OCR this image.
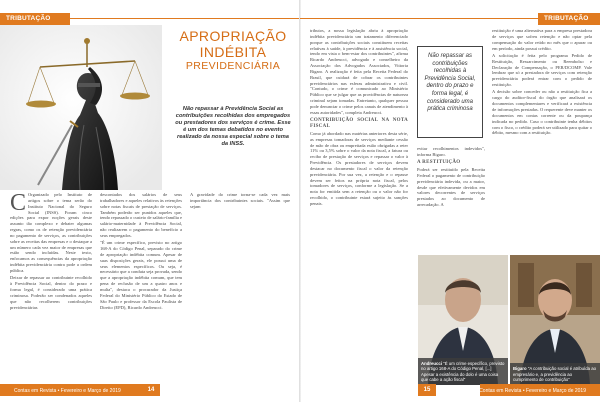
TRIBUTAÇÃO
APROPRIAÇÃO
INDÉBITA
PREVIDENCIÁRIA
Não repassar à Previdência Social as contribuições recolhidas dos empregados ou prestadores dos serviços é crime. Esse é um dos temas debatidos no evento realizado da nossa especial sobre o tema da INSS.

C Organizado pelo Instituto de artigos sobre o tema serão do Instituto Nacional do Seguro Social (INSS). Foram cinco edições para expor noções gerais deste assunto tão complexo e debater algumas regras, como os de retenção previdenciária no pagamento de serviços, as contribuições sobre as receitas das empresas e o destaque a um número cada vez maior de empresas que estão sendo incluídas. Neste texto, enfocamos as consequências da apropriação indébita previdenciária contra pode a ordem pública.

Deixar de repassar ao contribuinte recolhido à Previdência Social, dentro do prazo e forma legal, é considerado uma prática criminosa. Poderão ser condenados aqueles que não recolherem contribuições previdenciárias

descontados dos salários de seus trabalhadores e aqueles relativos às retenções sobre notas fiscais de prestação de serviços. Também poderão ser punidos aqueles que, tendo repassado o custeio de salário-família e salário-maternidade à Previdência Social, não realizarem o pagamento do benefício a seus empregados.

"É um crime específico, previsto no artigo 168-A do Código Penal, separado do crime de apropriação indébita comum. Apesar de suas disposições gerais, ele possui uma de seus elementos específicos. Ou seja, é necessário que a conduta seja provada, sendo que a apropriação indébita comum, que tem pena de reclusão de um a quatro anos e multa", destaca o procurador da Justiça Federal do Ministério Público do Estado de São Paulo e professor da Escola Paulista de Direito (EPD), Ricardo Andreucci.

A gravidade do crime torna-se cada vez mais importância dos contribuintes sociais. "Assim que sejam

Contas em Revista • Fevereiro e Março de 2019	14
TRIBUTAÇÃO

tributos, a nossa legislação abriu à apropriação indébita previdenciária um tratamento diferenciado porque as contribuições sociais constituem receitas relativas à saúde, à previdência e à assistência social, tendo em vista o bem-estar dos contribuintes", afirma Ricardo Andreucci, advogado e conselheiro da Associação dos Advogados Associados, Vittoria Bigaro. A realização é feita pela Receita Federal do Brasil, que cuidará de cobrar os contribuintes previdenciários nas esferas administrativa e civil. "Contudo, o crime é comunicado ao Ministério Público que se julgar que as providências de natureza criminal sejam tomadas. Entretanto, qualquer pessoa pode denunciar o crime pelos canais de atendimento à essas autoridades", completa Andreucci.

CONTRIBUIÇÃO SOCIAL NA NOTA FISCAL

Como já abordado nas matérias anteriores desta série, as empresas tomadoras de serviços mediante cessão de mão de obra ou empreitada estão obrigadas a reter 11% ou 3,5% sobre o valor da nota fiscal, a fatura ou recibo de prestação de serviços e repassar o valor à Previdência. Os prestadores de serviços devem destacar no documento fiscal o valor da retenção previdenciária. Por sua vez, a retenção e o repasse devem ser feitos na própria nota fiscal, pelos tomadores de serviços, conforme a legislação. Se a nota for emitida sem a retenção ou o valor não for recolhido, o contribuinte estará sujeito às sanções penais.

Não repassar as contribuições recolhidas à Previdência Social, dentro do prazo e forma legal, é considerado uma prática criminosa

evitar recolhimentos indevidos", informa Bigaro.

A RESTITUIÇÃO

Poderá ser restituído pela Receita Federal o pagamento de contribuição previdenciária indevida, ou a maior, desde que efetivamente devidos em valores decorrentes de serviços prestados ao documento de arrecadação. A

restituição é uma alternativa para a empresa prestadora de serviços que sofreu retenção e não optar pela compensação do valor retido no mês que o apurar ou em período, ainda possui crédito.

A solicitação é feita pelo programa Pedido de Restituição, Ressarcimento ou Reembolso e Declaração de Compensação, o PER/DCOMP. Vale lembrar que só a prestadora de serviços com retenção previdenciária poderá entrar com o pedido de restituição.

A decisão sobre conceder ou não a restituição fica a cargo do auditor-fiscal do órgão que analisará os documentos complementares e verificará a existência de informações prestadas. O requerente deve manter os documentos em contas corrente ou da poupança indicada no pedido. Caso o contribuinte tenha débitos com o fisco, o crédito poderá ser utilizado para quitar o débito, mesmo com a restituição.

Andreucci "É um crime específico, previsto no artigo 168-A do Código Penal, [...] Apesar a existência do dolo é uma coisa que cabe a ação fiscal"
Bigaro "A contribuição social é atribuída ao empresário e, a previdência ao cumprimento de contribuição"
15	Contas em Revista • Fevereiro e Março de 2019
